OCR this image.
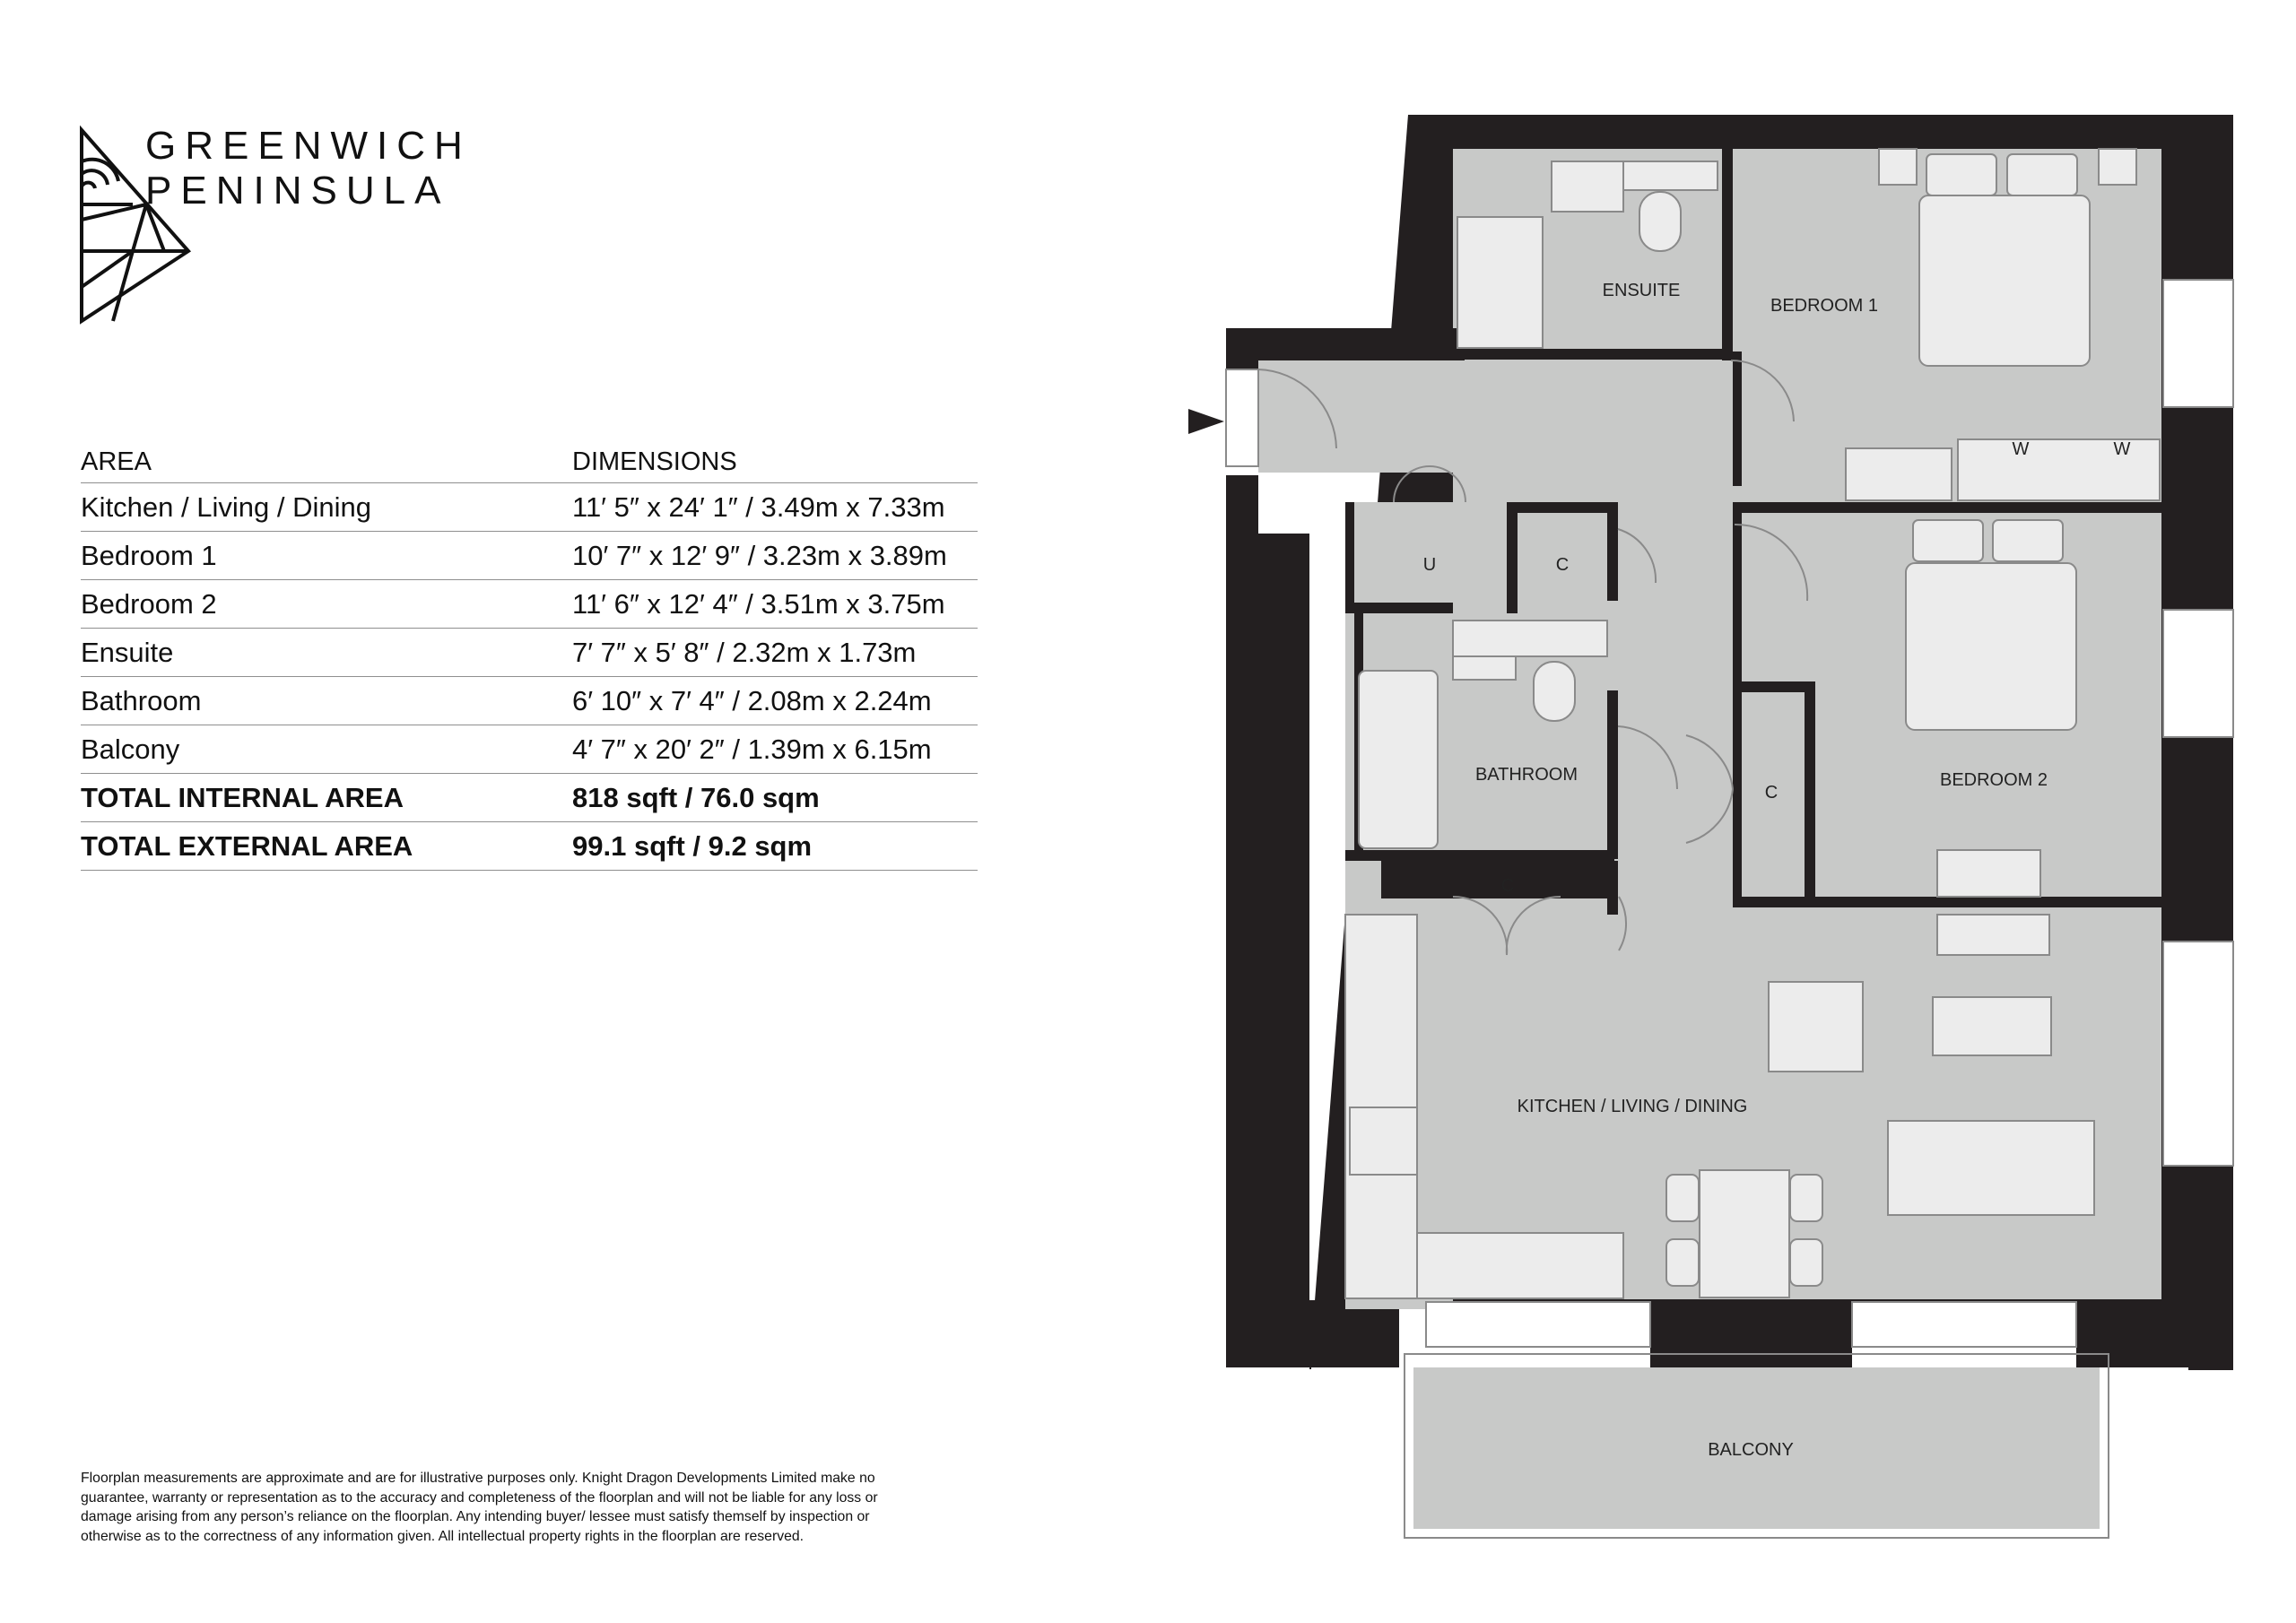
GREENWICH
PENINSULA
AREA	DIMENSIONS
Kitchen / Living / Dining	11′ 5″ x 24′ 1″ / 3.49m x 7.33m
Bedroom 1	10′ 7″ x 12′ 9″ / 3.23m x 3.89m
Bedroom 2	11′ 6″ x 12′ 4″ / 3.51m x 3.75m
Ensuite	7′ 7″ x 5′ 8″ / 2.32m x 1.73m
Bathroom	6′ 10″ x 7′ 4″ / 2.08m x 2.24m
Balcony	4′ 7″ x 20′ 2″ / 1.39m x 6.15m
TOTAL INTERNAL AREA	818 sqft / 76.0 sqm
TOTAL EXTERNAL AREA	99.1 sqft / 9.2 sqm

Floorplan measurements are approximate and are for illustrative purposes only. Knight Dragon Developments Limited make no guarantee, warranty or representation as to the accuracy and completeness of the floorplan and will not be liable for any loss or damage arising from any person’s reliance on the floorplan. Any intending buyer/ lessee must satisfy themself by inspection or otherwise as to the correctness of any information given. All intellectual property rights in the floorplan are reserved.

ENSUITE
BEDROOM 1
BEDROOM 2
BATHROOM
KITCHEN / LIVING / DINING
BALCONY
U	C
C
C
W	W
